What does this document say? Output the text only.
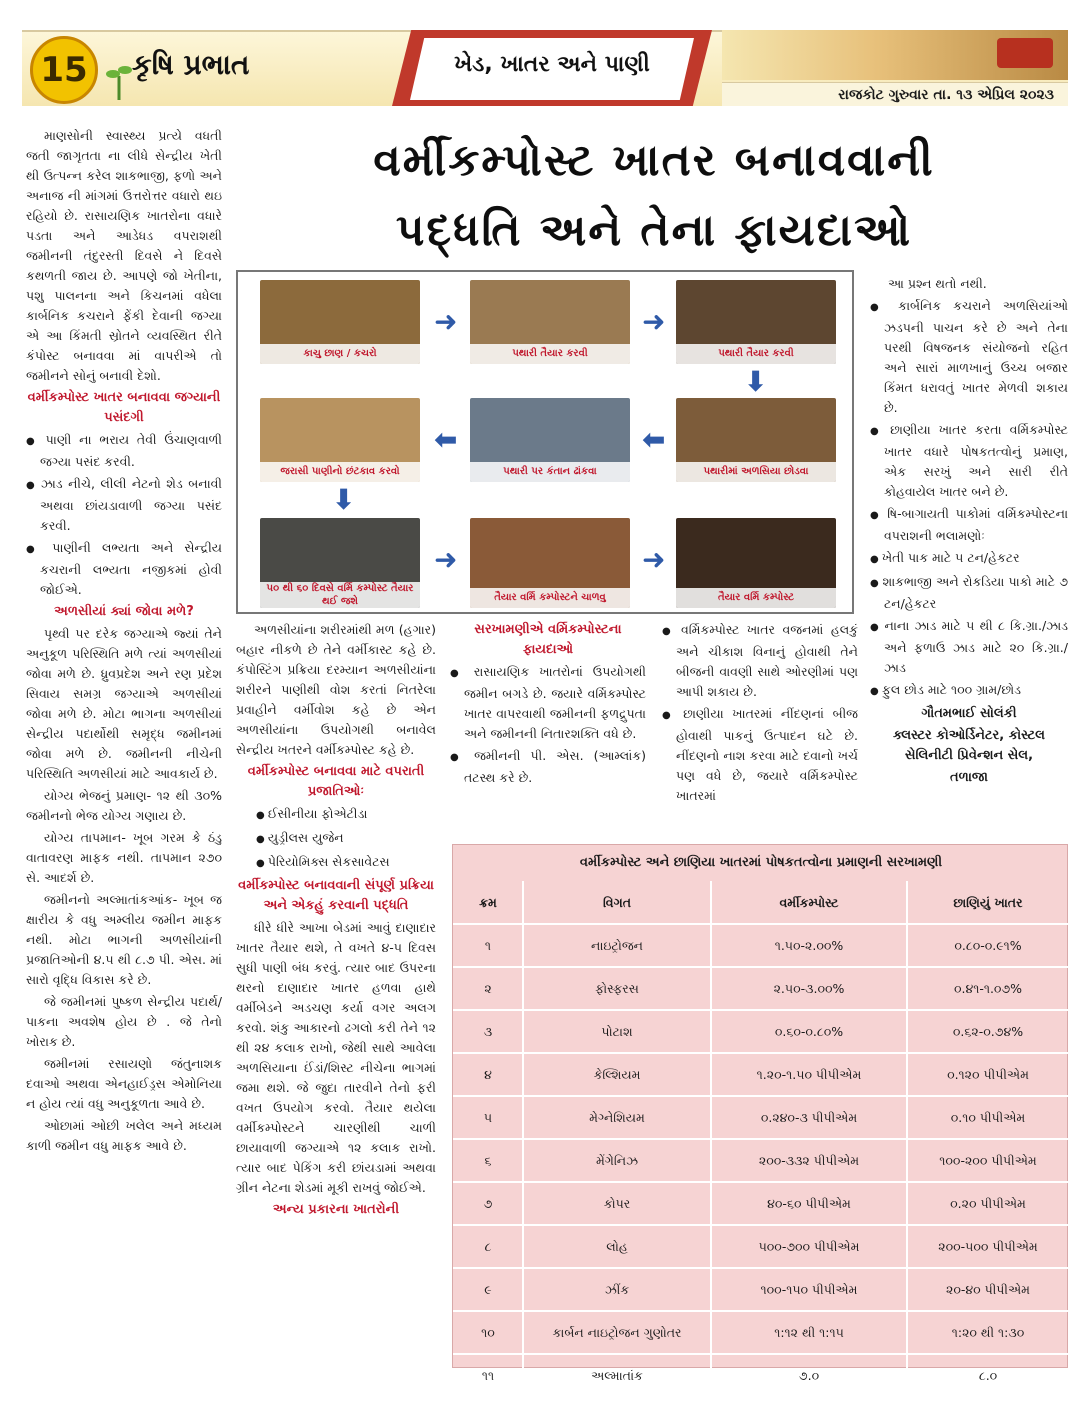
15	કૃષિ પ્રભાત	ખેડ, ખાતર અને પાણી
રાજકોટ ગુરુવાર તા. ૧૩ એપ્રિલ ૨૦૨૩
વર્મીકમ્પોસ્ટ ખાતર બનાવવાની
પદ્ધતિ અને તેના ફાયદાઓ

માણસોની સ્વાસ્થ્ય પ્રત્યે વધતી જતી જાગૃતતા ના લીધે સેન્દ્રીય ખેતી થી ઉત્પન્ન કરેલ શાકભાજી, ફળો અને અનાજ ની માંગમાં ઉત્તરોત્તર વધારો થઇ રહિયો છે. રાસાયણિક ખાતરોના વધારે પડતા અને આડેધડ વપરાશથી જમીનની તંદુરસ્તી દિવસે ને દિવસે કથળતી જાય છે. આપણે જો ખેતીના, પશુ પાલનના અને કિચનમાં વધેલા કાર્બનિક કચરાને ફેંકી દેવાની જગ્યા એ આ કિંમતી સ્રોતને વ્યવસ્થિત રીતે કંપોસ્ટ બનાવવા માં વાપરીએ તો જમીનને સોનું બનાવી દેશો.

વર્મીકમ્પોસ્ટ ખાતર બનાવવા જગ્યાની પસંદગી

● પાણી ના ભરાય તેવી ઉંચાણવાળી જગ્યા પસંદ કરવી.

● ઝાડ નીચે, લીલી નેટનો શેડ બનાવી અથવા છાંયડાવાળી જગ્યા પસંદ કરવી.

● પાણીની લભ્યતા અને સેન્દ્રીય કચરાની લભ્યતા નજીકમાં હોવી જોઈએ.

અળસીયાં ક્યાં જોવા મળે?

પૃથ્વી પર દરેક જગ્યાએ જ્યાં તેને અનુકૂળ પરિસ્થિતિ મળે ત્યાં અળસીયાં જોવા મળે છે. ધ્રુવપ્રદેશ અને રણ પ્રદેશ સિવાય સમગ્ર જગ્યાએ અળસીયાં જોવા મળે છે. મોટા ભાગના અળસીયાં સેન્દ્રીય પદાર્થોથી સમૃદ્ધ જમીનમાં જોવા મળે છે. જમીનની નીચેની પરિસ્થિતિ અળસીયાં માટે આવકાર્ય છે.

યોગ્ય ભેજનું પ્રમાણ- ૧૨ થી ૩૦% જમીનનો ભેજ યોગ્ય ગણાય છે.

યોગ્ય તાપમાન- ખૂબ ગરમ કે ઠંડુ વાતાવરણ માફક નથી. તાપમાન ૨૭૦ સે. આદર્શ છે.

જમીનનો અલ્માતાંકઆંક- ખૂબ જ ક્ષારીય કે વધુ અમ્લીય જમીન માફક નથી. મોટા ભાગની અળસીયાંની પ્રજાતિઓની ૪.૫ થી ૮.૭ પી. એસ. માં સારો વૃદ્ધિ વિકાસ કરે છે.

જે જમીનમાં પુષ્કળ સેન્દ્રીય પદાર્થ/ પાકના અવશેષ હોય છે . જે તેનો ખોરાક છે.

જમીનમાં રસાયણો જંતુનાશક દવાઓ અથવા એનહાઈડ્રસ એમોનિયા ન હોય ત્યાં વધુ અનુકૂળતા આવે છે.

ઓછામાં ઓછી ખલેલ અને મધ્યમ કાળી જમીન વધુ માફક આવે છે.

કાચુ છાણ / કચરો
➜
પથારી તૈયાર કરવી
➜
પથારી તૈયાર કરવી
⬇
જરાસી પાણીનો છંટકાવ કરવો
⬅
પથારી પર કંતાન ઢાંકવા
⬅
પથારીમાં અળસિયા છોડવા
⬇
૫૦ થી ૬૦ દિવસે વર્મિ કમ્પોસ્ટ તૈયાર થઈ જશે
➜
તૈયાર વર્મિ કમ્પોસ્ટને ચાળવુ
➜
તૈયાર વર્મિ કમ્પોસ્ટ

અળસીયાંના શરીરમાંથી મળ (હગાર) બહાર નીકળે છે તેને વર્મીકાસ્ટ કહે છે. કંપોસ્ટિંગ પ્રક્રિયા દરમ્યાન અળસીયાંના શરીરને પાણીથી વોશ કરતાં નિતરેલા પ્રવાહીને વર્મીવોશ કહે છે એન અળસીયાંના ઉપયોગથી બનાવેલ સેન્દ્રીય ખતરને વર્મીકમ્પોસ્ટ કહે છે.

વર્મીકમ્પોસ્ટ બનાવવા માટે વપરાતી પ્રજાતિઓઃ

● ઈસીનીયા ફોએટીડા

● યુડ્રીલસ યુજેન

● પેરિયોમિક્સ સેકસાવેટસ

વર્મીકમ્પોસ્ટ બનાવવાની સંપૂર્ણ પ્રક્રિયા અને એકહું કરવાની પદ્ધતિ

ધીરે ધીરે આખા બેડમાં આવું દાણાદાર ખાતર તૈયાર થશે, તે વખતે ૪-૫ દિવસ સુધી પાણી બંધ કરવું. ત્યાર બાદ ઉપરના થરનો દાણાદાર ખાતર હળવા હાથે વર્મીબેડને અડચણ કર્યા વગર અલગ કરવો. શંકુ આકારનો ઢગલો કરી તેને ૧૨ થી ૨૪ કલાક રાખો, જેથી સાથે આવેલા અળસિયાના ઈંડાં/શિસ્ટ નીચેના ભાગમાં જમા થશે. જે જુદા તારવીને તેનો ફરી વખત ઉપયોગ કરવો. તૈયાર થયેલા વર્મીકમ્પોસ્ટને ચારણીથી ચાળી છાયાવાળી જગ્યાએ ૧૨ કલાક રાખો. ત્યાર બાદ પેકિંગ કરી છાંયડામાં અથવા ગ્રીન નેટના શેડમાં મૂકી રાખવું જોઈએ.

અન્ય પ્રકારના ખાતરોની

સરખામણીએ વર્મિકમ્પોસ્ટના ફાયદાઓ

● રાસાયણિક ખાતરોનાં ઉપયોગથી જમીન બગડે છે. જયારે વર્મિકમ્પોસ્ટ ખાતર વાપરવાથી જમીનની ફળદ્રુપતા અને જમીનની નિતારશક્તિ વધે છે.

● જમીનની પી. એસ. (આમ્લાંક) તટસ્થ કરે છે.

● વર્મિકમ્પોસ્ટ ખાતર વજનમાં હલકું અને ચીકાશ વિનાનું હોવાથી તેને બીજની વાવણી સાથે ઓરણીમાં પણ આપી શકાય છે.

● છાણીયા ખાતરમાં નીંદણનાં બીજ હોવાથી પાકનું ઉત્પાદન ઘટે છે. નીંદણનો નાશ કરવા માટે દવાનો ખર્ચ પણ વધે છે, જયારે વર્મિકમ્પોસ્ટ ખાતરમાં

આ પ્રશ્ન થતો નથી.

● કાર્બનિક કચરાને અળસિયાંઓ ઝડપની પાચન કરે છે અને તેના પરથી વિષજનક સંયોજનો રહિત અને સારાં માળખાનું ઉચ્ચ બજાર કિંમત ધરાવતું ખાતર મેળવી શકાય છે.

● છાણીયા ખાતર કરતા વર્મિકમ્પોસ્ટ ખાતર વધારે પોષકતત્વોનું પ્રમાણ, એક સરખું અને સારી રીતે કોહવાયેલ ખાતર બને છે.

● ષિ-બાગાયતી પાકોમાં વર્મિકમ્પોસ્ટના વપરાશની ભલામણોઃ

● ખેતી પાક માટે ૫ ટન/હેકટર

● શાકભાજી અને રોકડિયા પાકો માટે ૭ ટન/હેકટર

● નાના ઝાડ માટે ૫ થી ૮ કિ.ગ્રા./ઝાડ અને ફળાઉ ઝાડ માટે ૨૦ કિ.ગ્રા./ઝાડ

● ફુલ છોડ માટે ૧૦૦ ગ્રામ/છોડ

ગૌતમભાઈ સોલંકી

ક્લસ્ટર કોઓર્ડિનેટર, કોસ્ટલ સેલિનીટી પ્રિવેન્શન સેલ,

તળાજા

વર્મીકમ્પોસ્ટ અને છાણિયા ખાતરમાં પોષકતત્વોના પ્રમાણની સરખામણી
ક્રમ	વિગત	વર્મીકમ્પોસ્ટ	છાણિયું ખાતર
૧	નાઇટ્રોજન	૧.૫૦-૨.૦૦%	૦.૮૦-૦.૯૧%
૨	ફોસ્ફરસ	૨.૫૦-૩.૦૦%	૦.૪૧-૧.૦૭%
૩	પોટાશ	૦.૬૦-૦.૮૦%	૦.૬૨-૦.૭૪%
૪	કેલ્શિયમ	૧.૨૦-૧.૫૦ પીપીએમ	૦.૧૨૦ પીપીએમ
૫	મેગ્નેશિયમ	૦.૨૪૦-૩ પીપીએમ	૦.૧૦ પીપીએમ
૬	મેંગેનિઝ	૨૦૦-૩૩૨ પીપીએમ	૧૦૦-૨૦૦ પીપીએમ
૭	કોપર	૪૦-૬૦ પીપીએમ	૦.૨૦ પીપીએમ
૮	લોહ	૫૦૦-૭૦૦ પીપીએમ	૨૦૦-૫૦૦ પીપીએમ
૯	ઝીંક	૧૦૦-૧૫૦ પીપીએમ	૨૦-૪૦ પીપીએમ
૧૦	કાર્બન નાઇટ્રોજન ગુણોતર	૧:૧૨ થી ૧:૧૫	૧:૨૦ થી ૧:૩૦
૧૧	અલ્માતાંક	૭.૦	૮.૦
